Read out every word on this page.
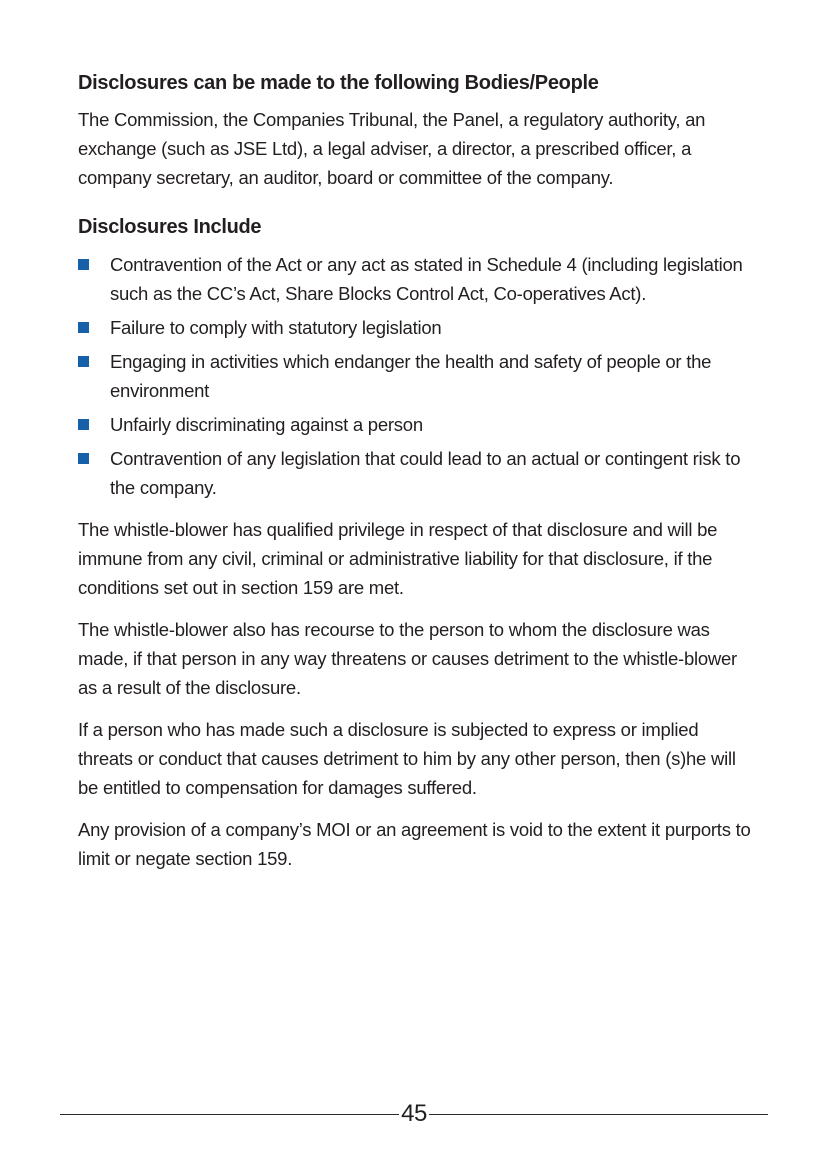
Disclosures can be made to the following Bodies/People

The Commission, the Companies Tribunal, the Panel, a regulatory authority, an exchange (such as JSE Ltd), a legal adviser, a director, a prescribed officer, a company secretary, an auditor, board or committee of the company.

Disclosures Include
Contravention of the Act or any act as stated in Schedule 4 (including legislation such as the CC’s Act, Share Blocks Control Act, Co-operatives Act).
Failure to comply with statutory legislation
Engaging in activities which endanger the health and safety of people or the environment
Unfairly discriminating against a person
Contravention of any legislation that could lead to an actual or contingent risk to the company.

The whistle-blower has qualified privilege in respect of that disclosure and will be immune from any civil, criminal or administrative liability for that disclosure, if the conditions set out in section 159 are met.

The whistle-blower also has recourse to the person to whom the disclosure was made, if that person in any way threatens or causes detriment to the whistle-blower as a result of the disclosure.

If a person who has made such a disclosure is subjected to express or implied threats or conduct that causes detriment to him by any other person, then (s)he will be entitled to compensation for damages suffered.

Any provision of a company’s MOI or an agreement is void to the extent it purports to limit or negate section 159.

45
